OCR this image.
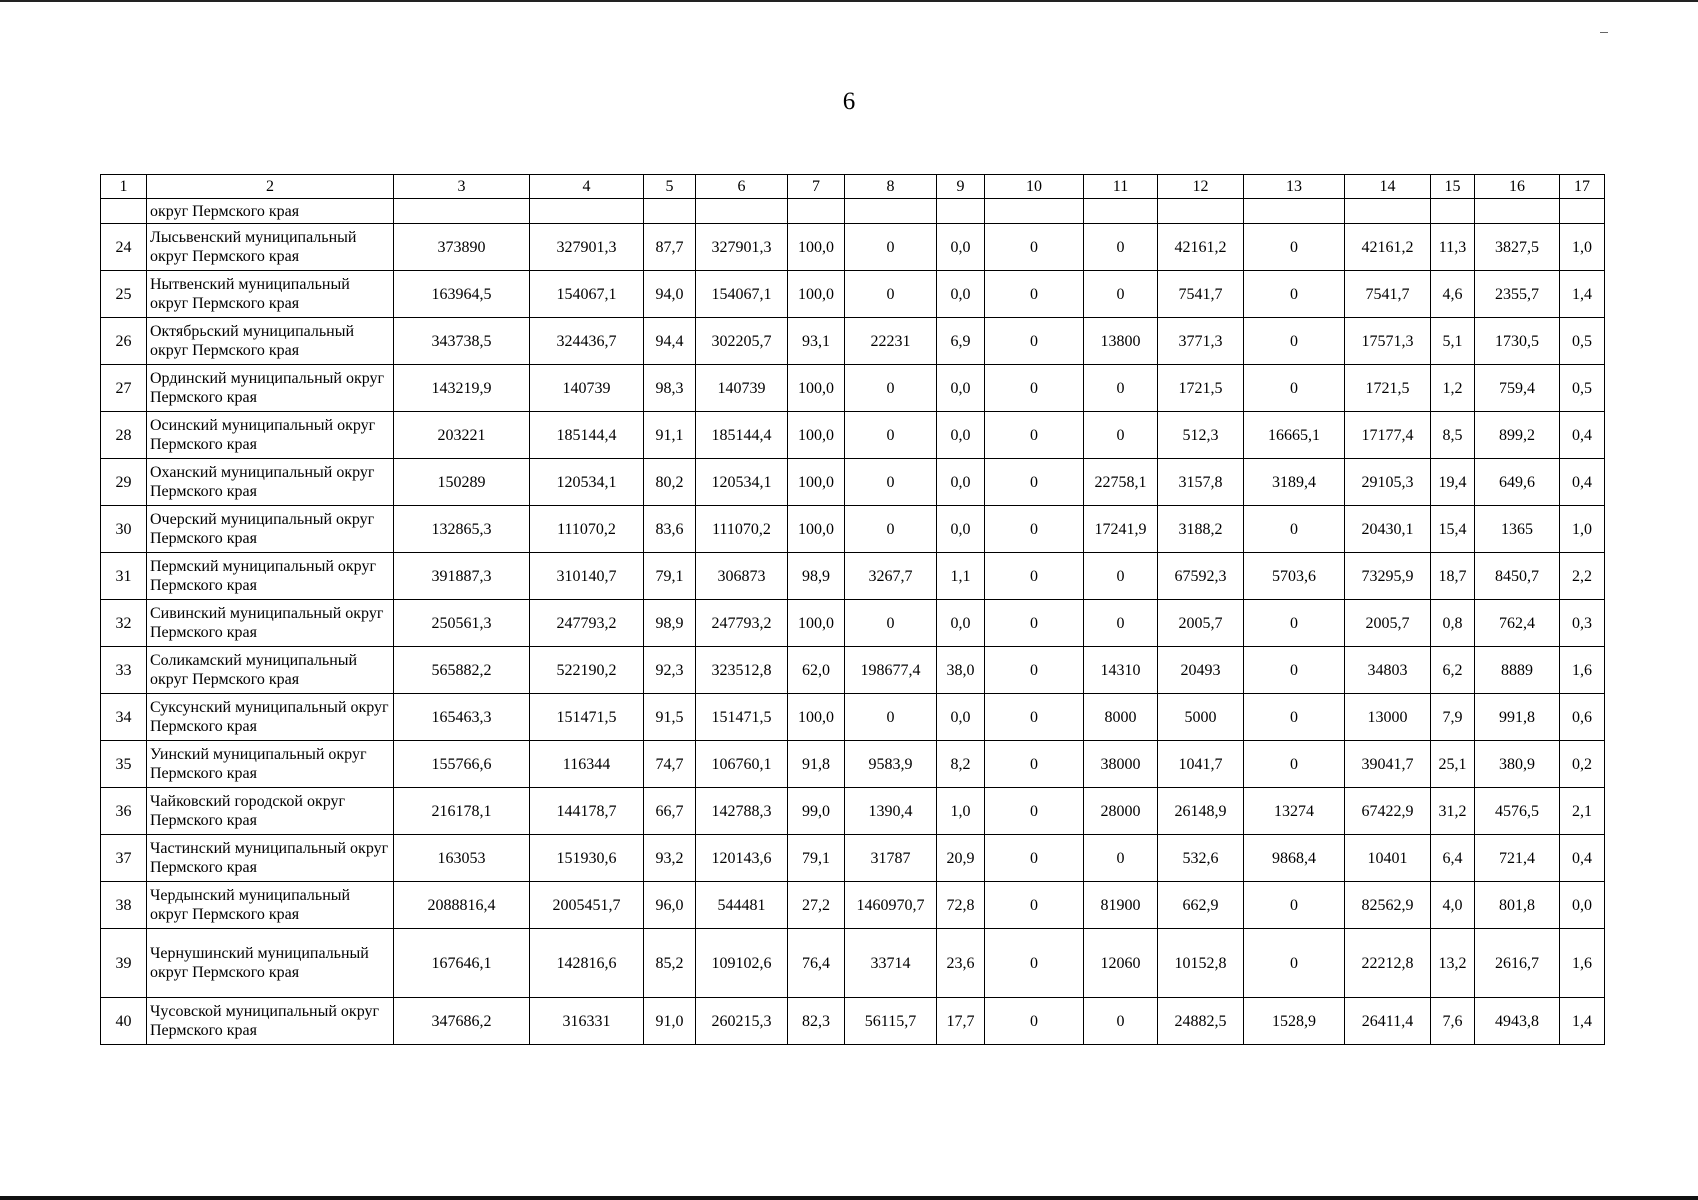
6
1	2	3	4	5	6	7	8	9	10	11	12	13	14	15	16	17
	округ Пермского края															
24	Лысьвенский муниципальный округ Пермского края	373890	327901,3	87,7	327901,3	100,0	0	0,0	0	0	42161,2	0	42161,2	11,3	3827,5	1,0
25	Нытвенский муниципальный округ Пермского края	163964,5	154067,1	94,0	154067,1	100,0	0	0,0	0	0	7541,7	0	7541,7	4,6	2355,7	1,4
26	Октябрьский муниципальный округ Пермского края	343738,5	324436,7	94,4	302205,7	93,1	22231	6,9	0	13800	3771,3	0	17571,3	5,1	1730,5	0,5
27	Ординский муниципальный округ Пермского края	143219,9	140739	98,3	140739	100,0	0	0,0	0	0	1721,5	0	1721,5	1,2	759,4	0,5
28	Осинский муниципальный округ Пермского края	203221	185144,4	91,1	185144,4	100,0	0	0,0	0	0	512,3	16665,1	17177,4	8,5	899,2	0,4
29	Оханский муниципальный округ Пермского края	150289	120534,1	80,2	120534,1	100,0	0	0,0	0	22758,1	3157,8	3189,4	29105,3	19,4	649,6	0,4
30	Очерский муниципальный округ Пермского края	132865,3	111070,2	83,6	111070,2	100,0	0	0,0	0	17241,9	3188,2	0	20430,1	15,4	1365	1,0
31	Пермский муниципальный округ Пермского края	391887,3	310140,7	79,1	306873	98,9	3267,7	1,1	0	0	67592,3	5703,6	73295,9	18,7	8450,7	2,2
32	Сивинский муниципальный округ Пермского края	250561,3	247793,2	98,9	247793,2	100,0	0	0,0	0	0	2005,7	0	2005,7	0,8	762,4	0,3
33	Соликамский муниципальный округ Пермского края	565882,2	522190,2	92,3	323512,8	62,0	198677,4	38,0	0	14310	20493	0	34803	6,2	8889	1,6
34	Суксунский муниципальный округ Пермского края	165463,3	151471,5	91,5	151471,5	100,0	0	0,0	0	8000	5000	0	13000	7,9	991,8	0,6
35	Уинский муниципальный округ Пермского края	155766,6	116344	74,7	106760,1	91,8	9583,9	8,2	0	38000	1041,7	0	39041,7	25,1	380,9	0,2
36	Чайковский городской округ Пермского края	216178,1	144178,7	66,7	142788,3	99,0	1390,4	1,0	0	28000	26148,9	13274	67422,9	31,2	4576,5	2,1
37	Частинский муниципальный округ Пермского края	163053	151930,6	93,2	120143,6	79,1	31787	20,9	0	0	532,6	9868,4	10401	6,4	721,4	0,4
38	Чердынский муниципальный округ Пермского края	2088816,4	2005451,7	96,0	544481	27,2	1460970,7	72,8	0	81900	662,9	0	82562,9	4,0	801,8	0,0
39	Чернушинский муниципальный округ Пермского края	167646,1	142816,6	85,2	109102,6	76,4	33714	23,6	0	12060	10152,8	0	22212,8	13,2	2616,7	1,6
40	Чусовской муниципальный округ Пермского края	347686,2	316331	91,0	260215,3	82,3	56115,7	17,7	0	0	24882,5	1528,9	26411,4	7,6	4943,8	1,4
